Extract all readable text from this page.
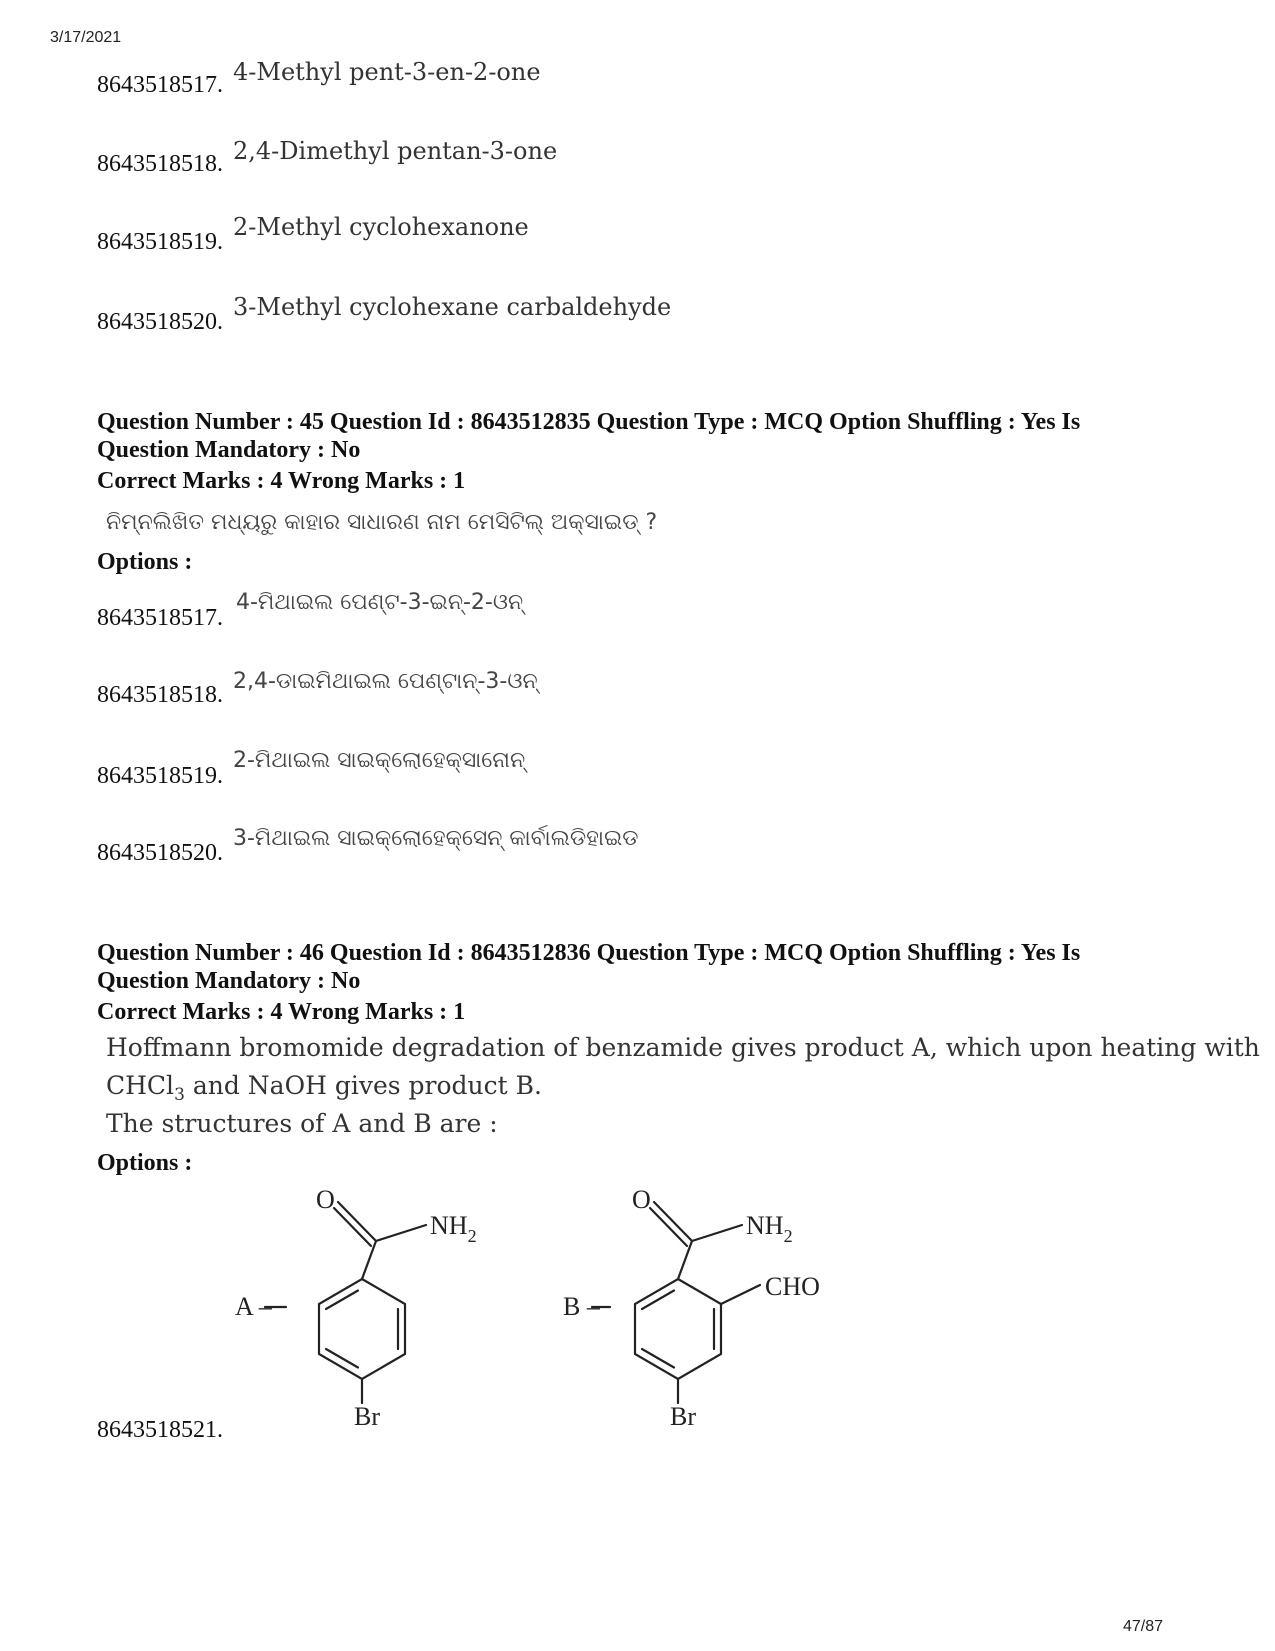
3/17/2021
8643518517. 4-Methyl pent-3-en-2-one
8643518518. 2,4-Dimethyl pentan-3-one
8643518519.
2-Methyl cyclohexanone
8643518520.
3-Methyl cyclohexane carbaldehyde
Question Number : 45 Question Id : 8643512835 Question Type : MCQ Option Shuffling : Yes Is Question Mandatory : No
Correct Marks : 4 Wrong Marks : 1
ନିମ୍ନଲିଖିତ ମଧ୍ୟରୁ କାହାର ସାଧାରଣ ନାମ ମେସିଟିଲ୍ ଅକ୍ସାଇଡ୍ ?
Options :
8643518517.
4-ମିଥାଇଲ ପେଣ୍ଟ-3-ଇନ୍-2-ଓନ୍
8643518518.
2,4-ଡାଇମିଥାଇଲ ପେଣ୍ଟାନ୍-3-ଓନ୍
8643518519.
2-ମିଥାଇଲ ସାଇକ୍ଲୋହେକ୍ସାନୋନ୍
8643518520.
3-ମିଥାଇଲ ସାଇକ୍ଲୋହେକ୍ସେନ୍ କାର୍ବାଲଡିହାଇଡ
Question Number : 46 Question Id : 8643512836 Question Type : MCQ Option Shuffling : Yes Is Question Mandatory : No
Correct Marks : 4 Wrong Marks : 1
Hoffmann bromomide degradation of benzamide gives product A, which upon heating with
CHCl$_3$ and NaOH gives product B.
The structures of A and B are :
Options :
A –
O
$NH_2$
Br
B –
O
$NH_2$
CHO
Br
8643518521.
47/87
